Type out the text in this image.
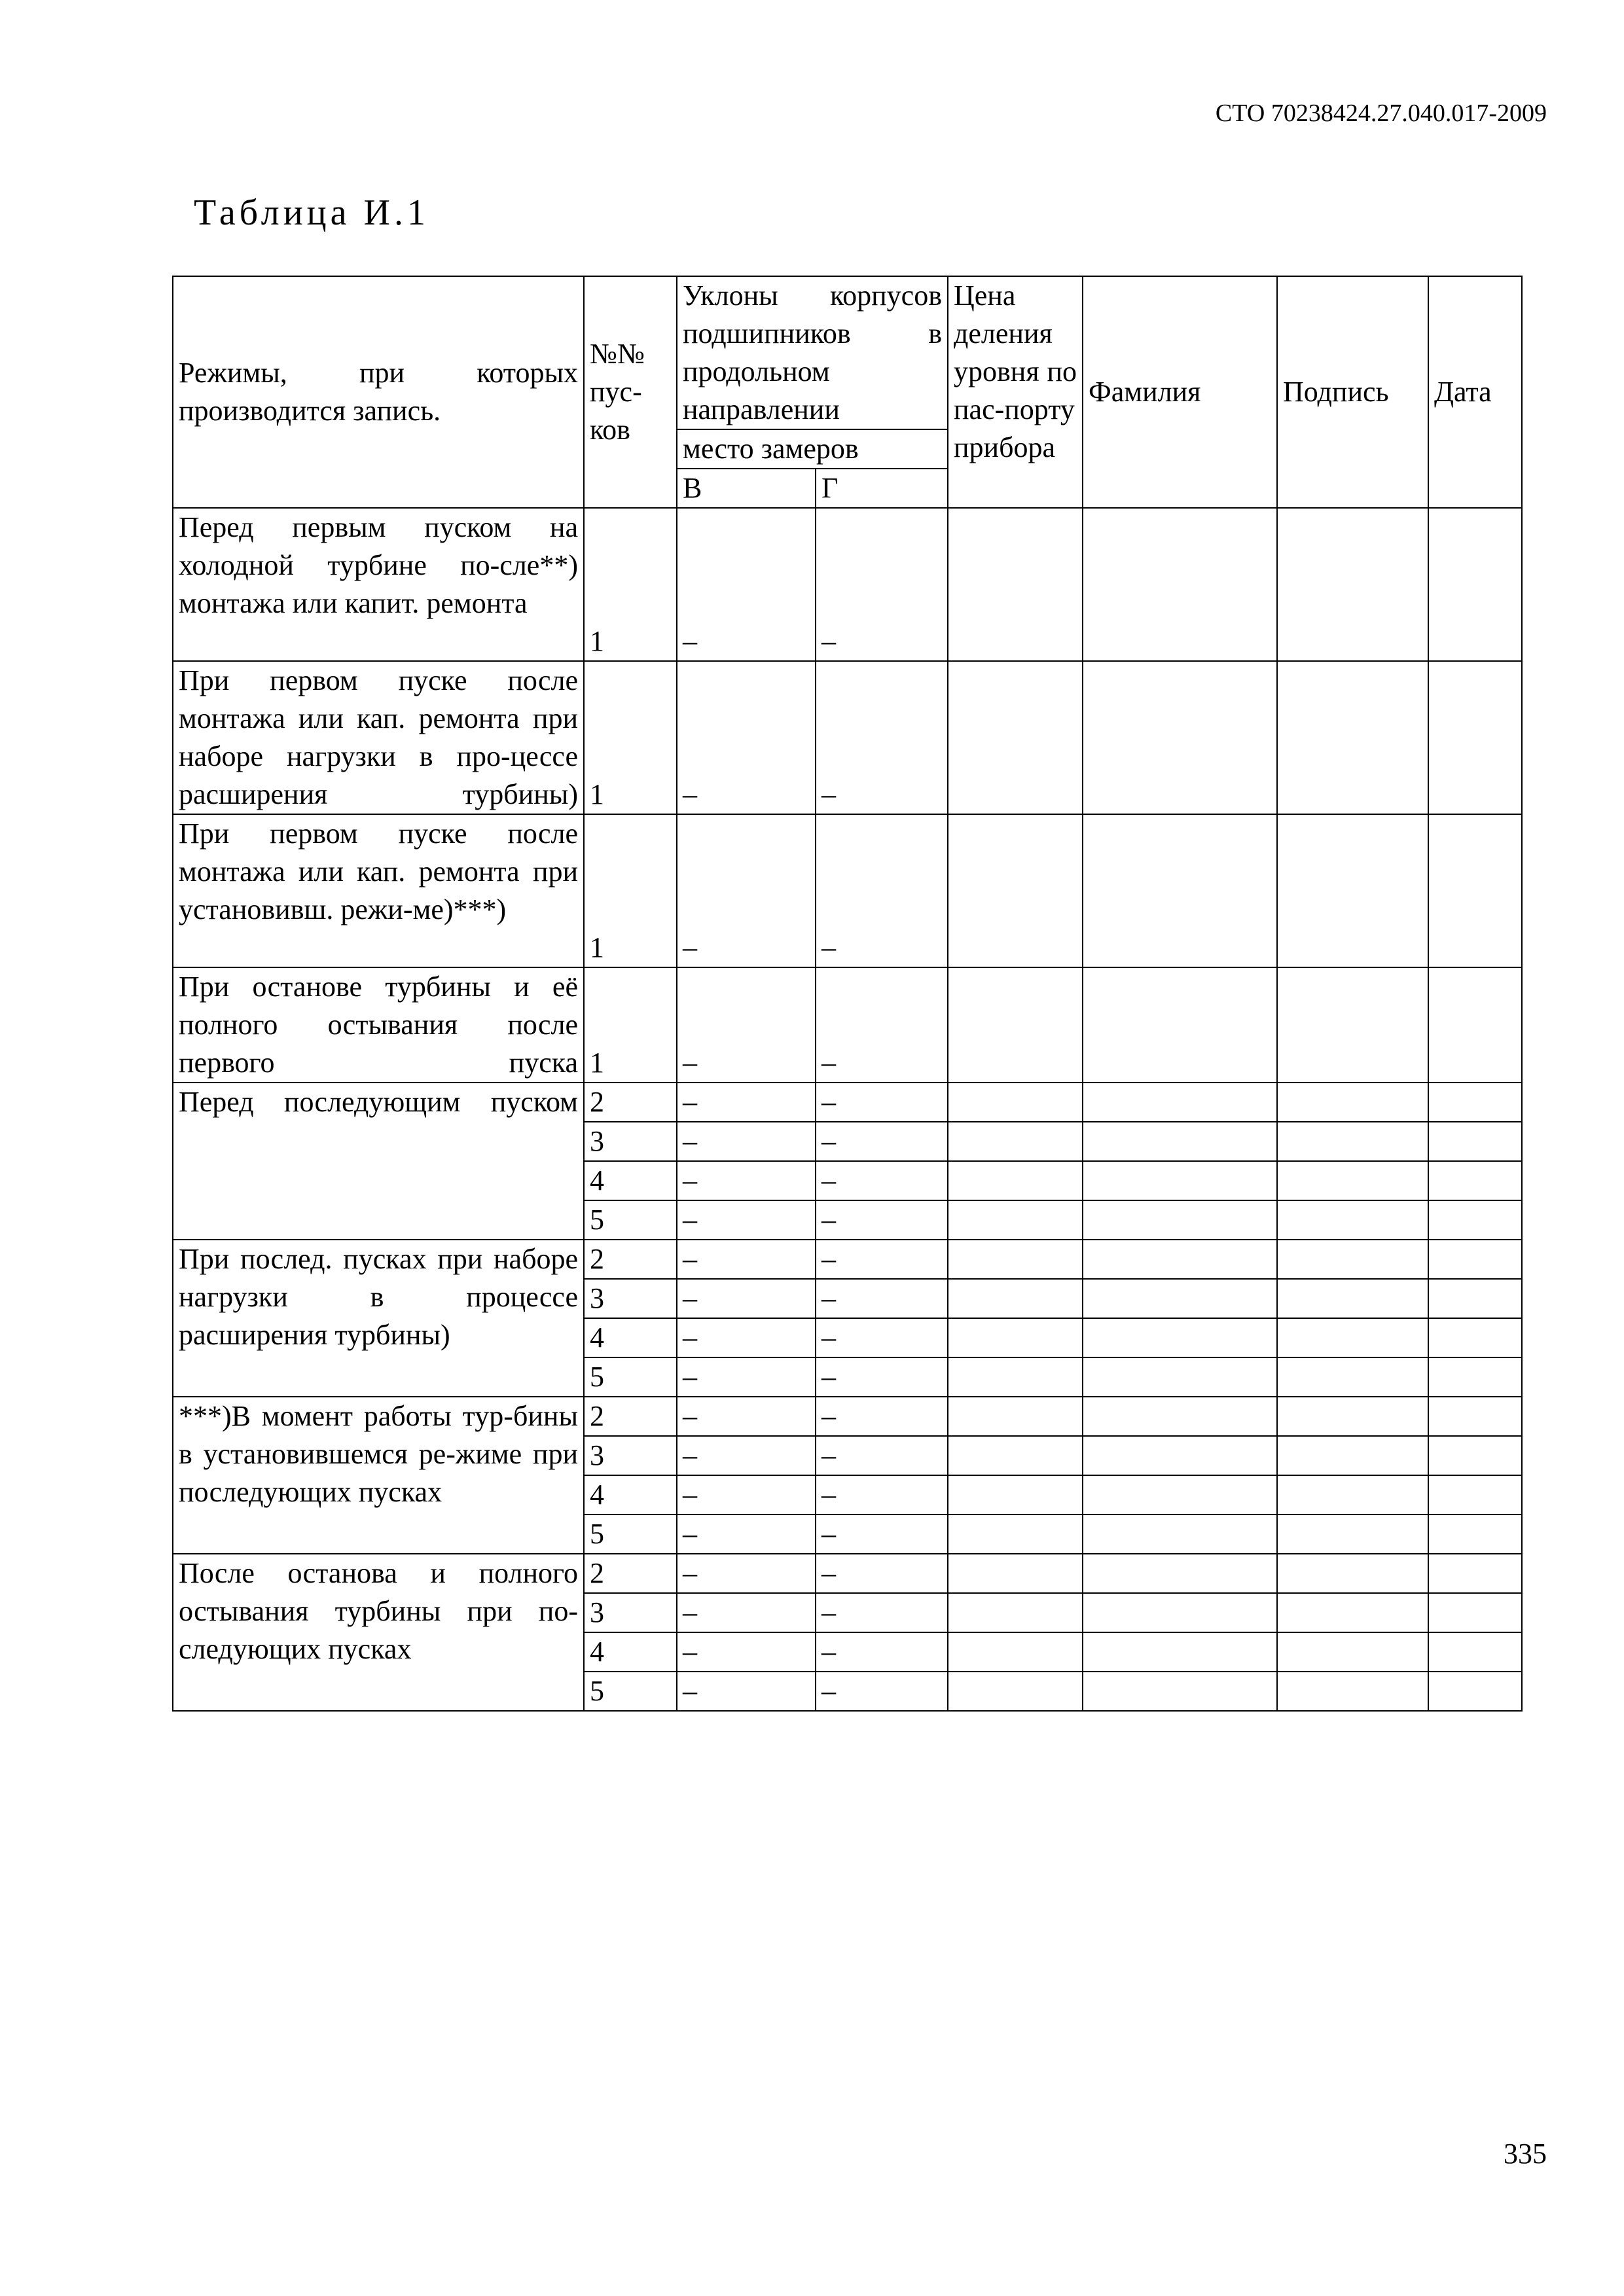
СТО 70238424.27.040.017-2009
Таблица И.1
Режимы, при которых производится запись.	№№ пус-ков	Уклоны корпусов подшипников в продольном направлении		Цена деления уровня по пас-порту прибора	Фамилия	Подпись	Дата

		место замеров					
		В	Г				
Перед первым пуском на холодной турбине по-сле**) монтажа или капит. ремонта	1	–	–				
При первом пуске после монтажа или кап. ремонта при наборе нагрузки в про-цессе расширения турбины)	1	–	–				
При первом пуске после монтажа или кап. ремонта при установивш. режи-ме)***)	1	–	–				
При останове турбины и её полного остывания после первого пуска	1	–	–				
Перед последующим пуском	2	–	–				
	3	–	–				
	4	–	–				
	5	–	–				
При послед. пусках при наборе нагрузки в процессе расширения турбины)	2	–	–				
	3	–	–				
	4	–	–				
	5	–	–				
***)В момент работы тур-бины в установившемся ре-жиме при последующих пусках	2	–	–				
	3	–	–				
	4	–	–				
	5	–	–				
После останова и полного остывания турбины при по-следующих пусках	2	–	–				
	3	–	–				
	4	–	–				
	5	–	–				
335
